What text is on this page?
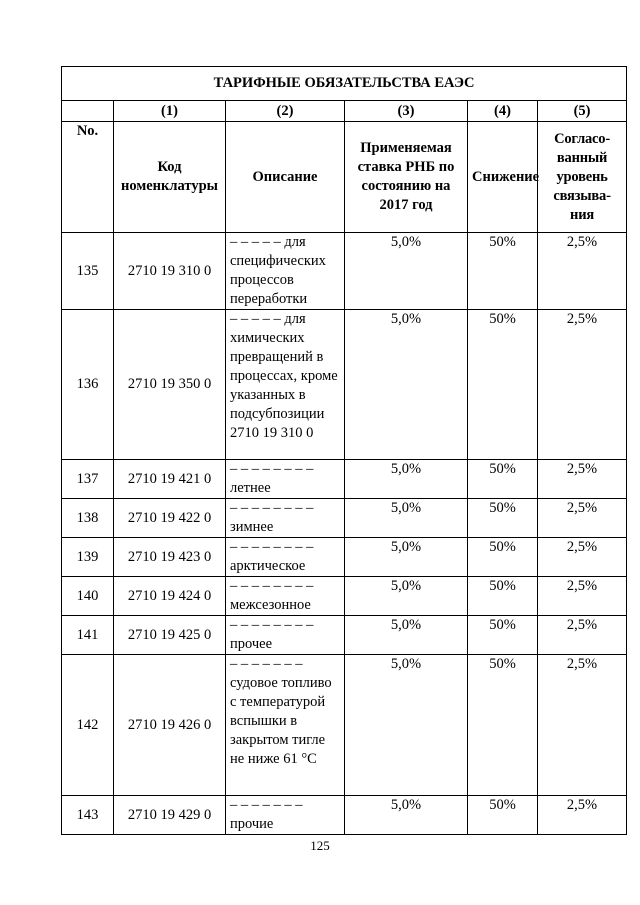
ТАРИФНЫЕ ОБЯЗАТЕЛЬСТВА ЕАЭС					
	(1)	(2)	(3)	(4)	(5)
No.	Код номенклатуры	Описание	Применяемая ставка РНБ по состоянию на 2017 год	Снижение	Согласо-ванный уровень связыва-ния
135	2710 19 310 0	– – – – – для специфических процессов переработки	5,0%	50%	2,5%
136	2710 19 350 0	– – – – – для химических превращений в процессах, кроме указанных в подсубпозиции 2710 19 310 0	5,0%	50%	2,5%
137	2710 19 421 0	– – – – – – – – летнее	5,0%	50%	2,5%
138	2710 19 422 0	– – – – – – – – зимнее	5,0%	50%	2,5%
139	2710 19 423 0	– – – – – – – – арктическое	5,0%	50%	2,5%
140	2710 19 424 0	– – – – – – – – межсезонное	5,0%	50%	2,5%
141	2710 19 425 0	– – – – – – – – прочее	5,0%	50%	2,5%
142	2710 19 426 0	– – – – – – – судовое топливо с температурой вспышки в закрытом тигле не ниже 61 °С	5,0%	50%	2,5%
143	2710 19 429 0	– – – – – – – прочие	5,0%	50%	2,5%
125
